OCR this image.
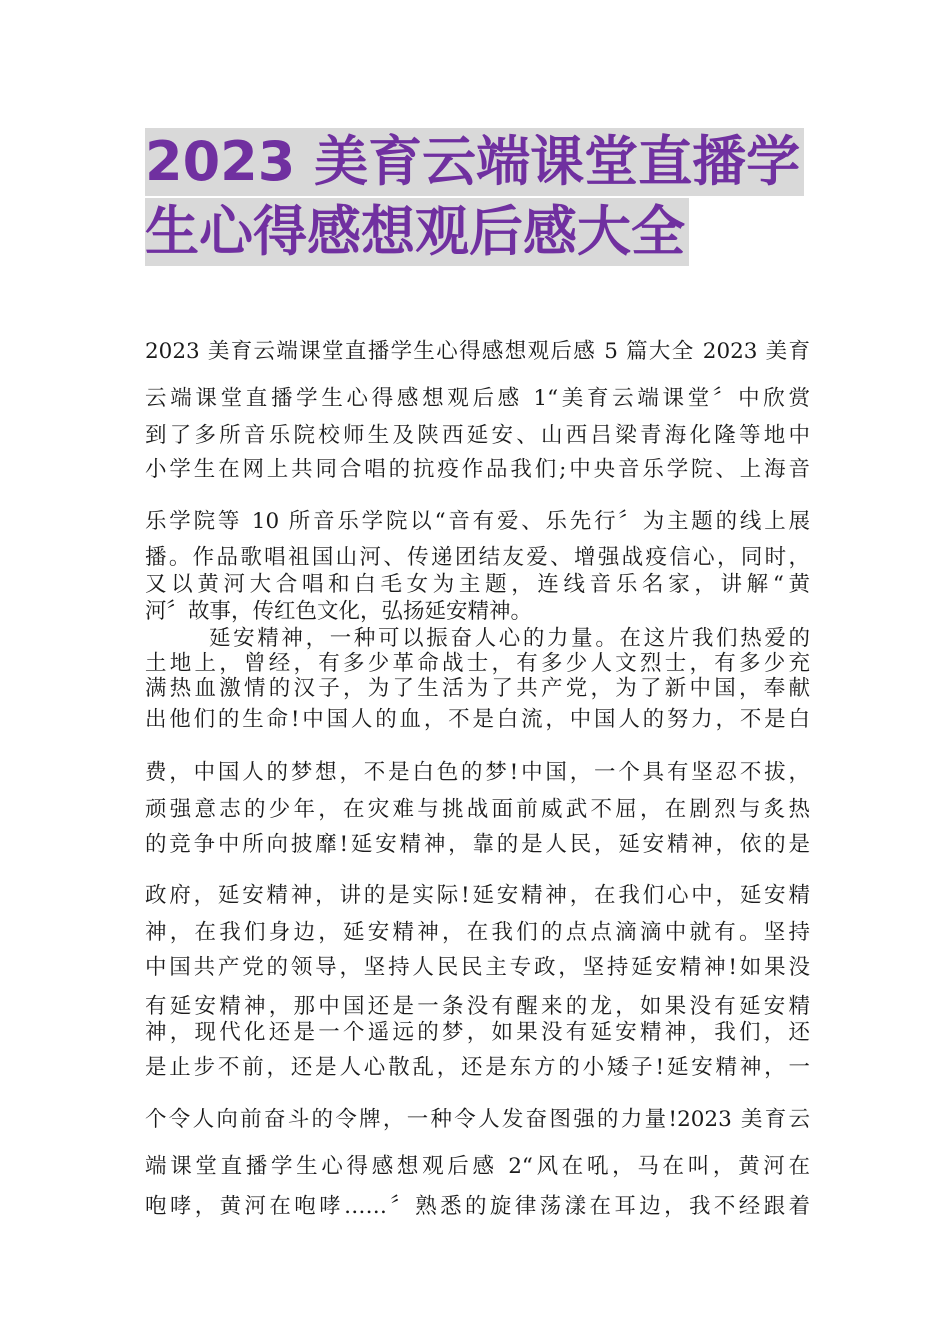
2023 美育云端课堂直播学
生心得感想观后感大全
2023 美育云端课堂直播学生心得感想观后感 5 篇大全 2023 美育
云端课堂直播学生心得感想观后感 1“美育云端课堂〞中欣赏
到了多所音乐院校师生及陕西延安、山西吕梁青海化隆等地中
小学生在网上共同合唱的抗疫作品我们;中央音乐学院、上海音
乐学院等 10 所音乐学院以“音有爱、乐先行〞为主题的线上展
播。作品歌唱祖国山河、传递团结友爱、增强战疫信心，同时，
又以黄河大合唱和白毛女为主题，连线音乐名家，讲解“黄
河〞故事，传红色文化，弘扬延安精神。
延安精神，一种可以振奋人心的力量。在这片我们热爱的
土地上，曾经，有多少革命战士，有多少人文烈士，有多少充
满热血激情的汉子，为了生活为了共产党，为了新中国，奉献
出他们的生命!中国人的血，不是白流，中国人的努力，不是白
费，中国人的梦想，不是白色的梦!中国，一个具有坚忍不拔，
顽强意志的少年，在灾难与挑战面前威武不屈，在剧烈与炙热
的竞争中所向披靡!延安精神，靠的是人民，延安精神，依的是
政府，延安精神，讲的是实际!延安精神，在我们心中，延安精
神，在我们身边，延安精神，在我们的点点滴滴中就有。坚持
中国共产党的领导，坚持人民民主专政，坚持延安精神!如果没
有延安精神，那中国还是一条没有醒来的龙，如果没有延安精
神，现代化还是一个遥远的梦，如果没有延安精神，我们，还
是止步不前，还是人心散乱，还是东方的小矮子!延安精神，一
个令人向前奋斗的令牌，一种令人发奋图强的力量!2023 美育云
端课堂直播学生心得感想观后感 2“风在吼，马在叫，黄河在
咆哮，黄河在咆哮……〞熟悉的旋律荡漾在耳边，我不经跟着
